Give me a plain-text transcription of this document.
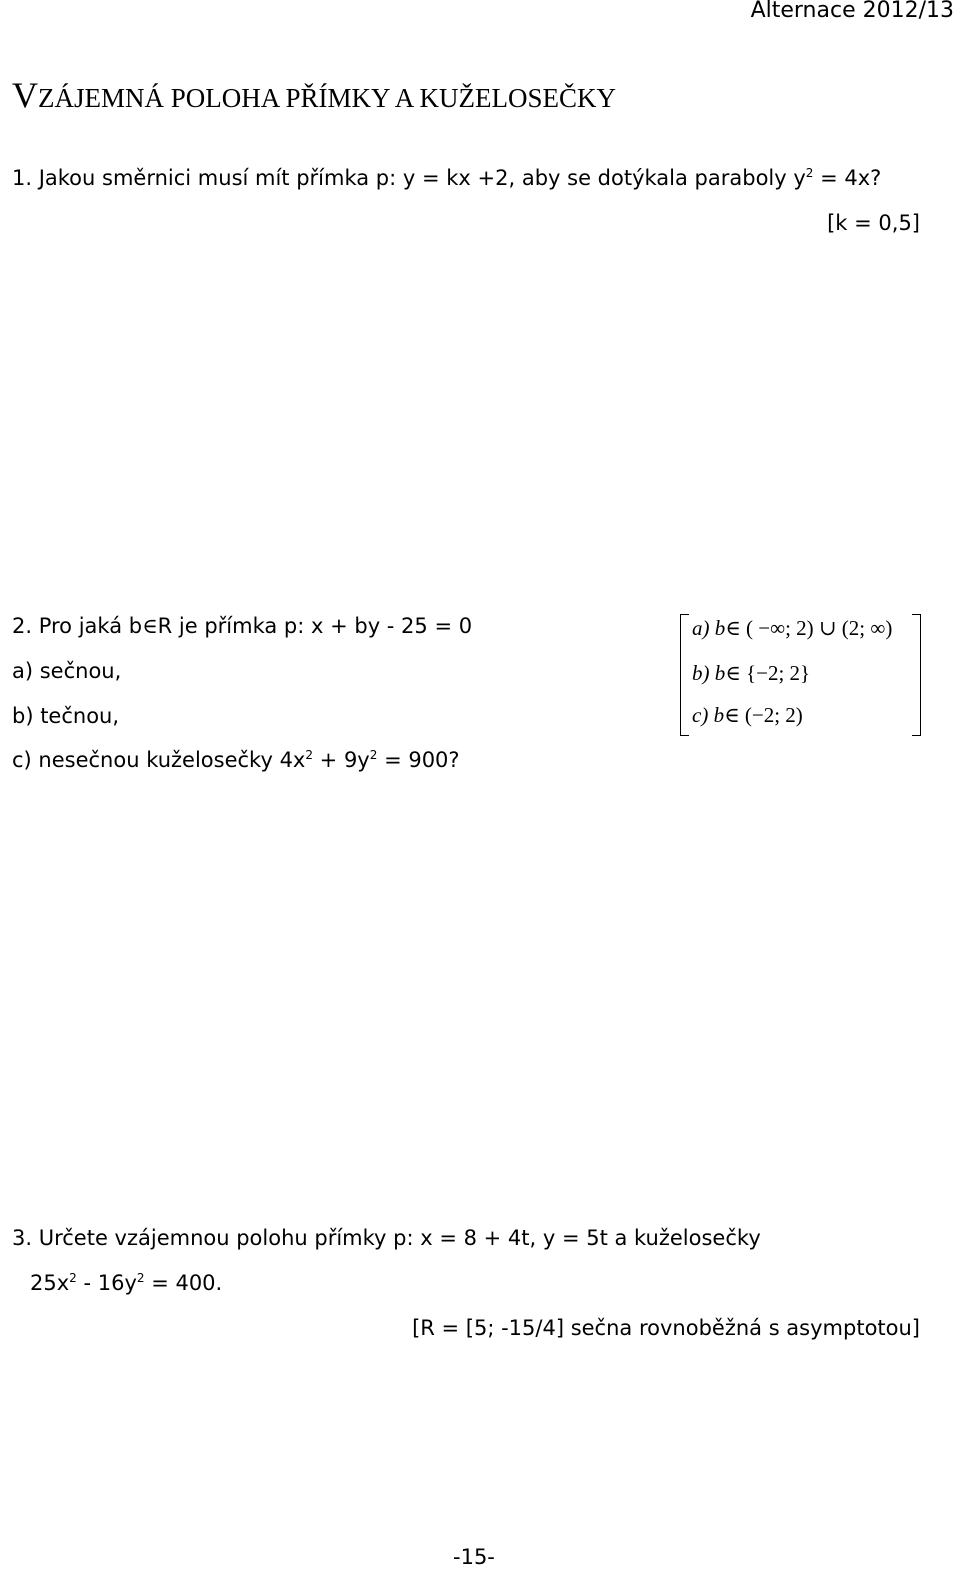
Alternace 2012/13
VZÁJEMNÁ POLOHA PŘÍMKY A KUŽELOSEČKY
1. Jakou směrnici musí mít přímka p: y = kx +2, aby se dotýkala paraboly $y^2 = 4x$?
[k = 0,5]
2. Pro jaká b∈R je přímka p: x + by - 25 = 0
a) sečnou,
b) tečnou,
c) nesečnou kuželosečky $4x^2 + 9y^2 = 900$?
a) b∈ ( −∞; 2) ∪ (2; ∞)
b) b∈ {−2; 2}
c) b∈ (−2; 2)
3. Určete vzájemnou polohu přímky p: x = 8 + 4t, y = 5t a kuželosečky
$25x^2 - 16y^2 = 400$.
[R = [5; -15/4] sečna rovnoběžná s asymptotou]
-15-
